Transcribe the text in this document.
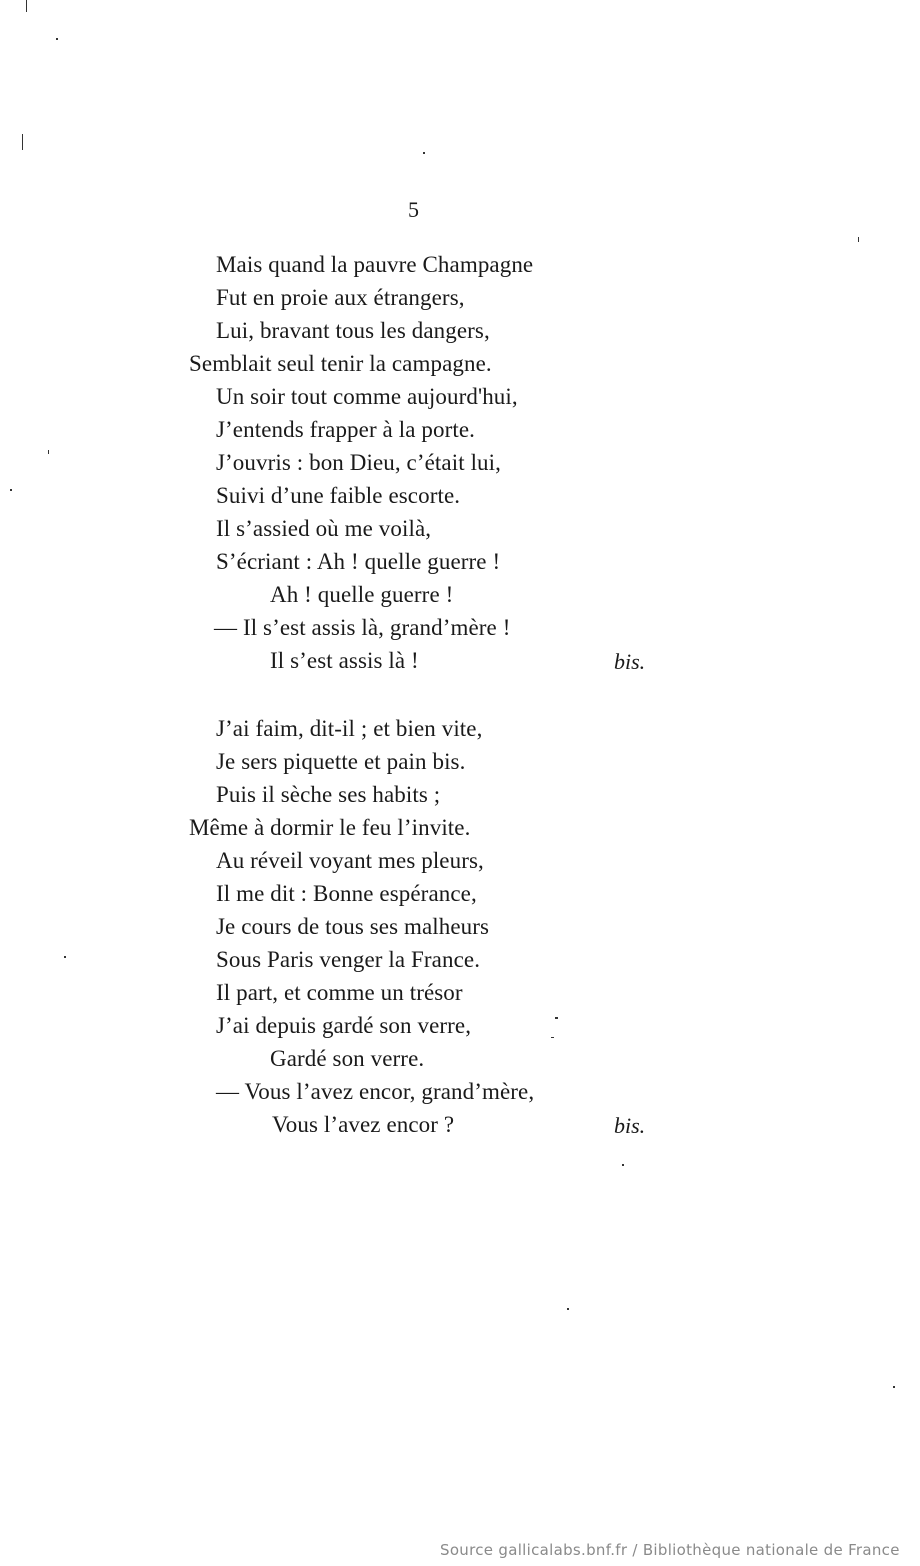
5
Mais quand la pauvre Champagne
Fut en proie aux étrangers,
Lui, bravant tous les dangers,
Semblait seul tenir la campagne.
Un soir tout comme aujourd'hui,
J’entends frapper à la porte.
J’ouvris : bon Dieu, c’était lui,
Suivi d’une faible escorte.
Il s’assied où me voilà,
S’écriant : Ah ! quelle guerre !
Ah ! quelle guerre !
— Il s’est assis là, grand’mère !
Il s’est assis là !	bis.
J’ai faim, dit-il ; et bien vite,
Je sers piquette et pain bis.
Puis il sèche ses habits ;
Même à dormir le feu l’invite.
Au réveil voyant mes pleurs,
Il me dit : Bonne espérance,
Je cours de tous ses malheurs
Sous Paris venger la France.
Il part, et comme un trésor
J’ai depuis gardé son verre,
Gardé son verre.
— Vous l’avez encor, grand’mère,
Vous l’avez encor ?	bis.
Source gallicalabs.bnf.fr / Bibliothèque nationale de France
